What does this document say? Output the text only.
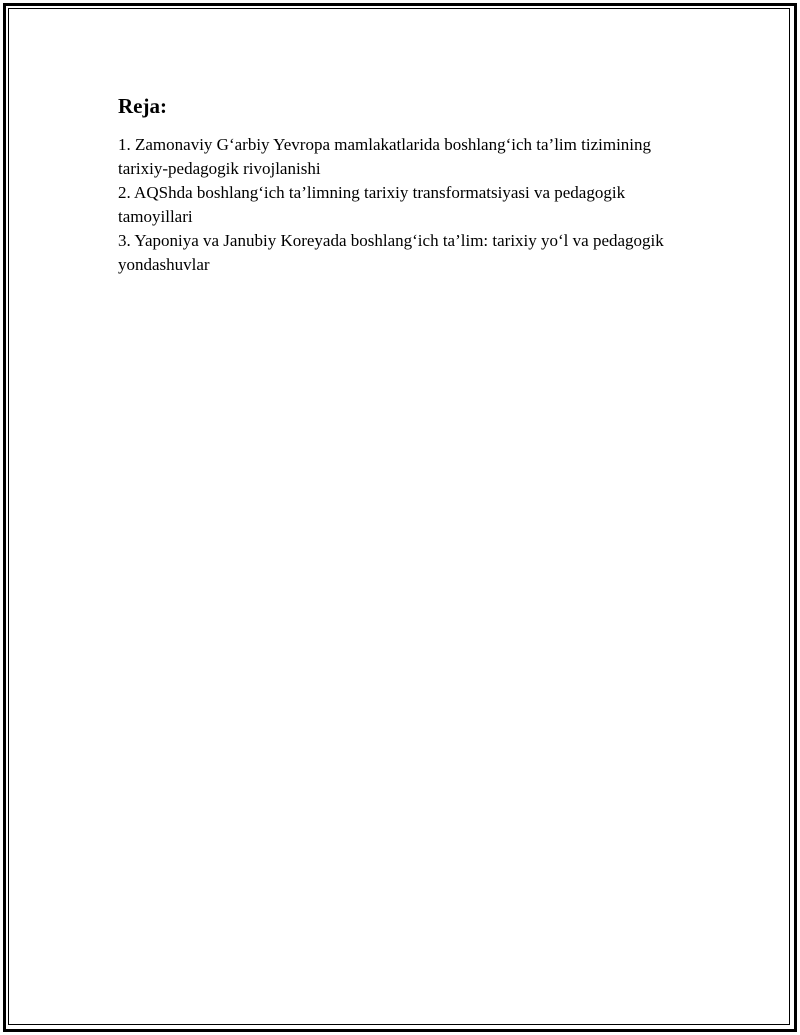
Reja:
1. Zamonaviy G‘arbiy Yevropa mamlakatlarida boshlang‘ich ta’lim tizimining tarixiy-pedagogik rivojlanishi
2. AQShda boshlang‘ich ta’limning tarixiy transformatsiyasi va pedagogik tamoyillari
3. Yaponiya va Janubiy Koreyada boshlang‘ich ta’lim: tarixiy yo‘l va pedagogik yondashuvlar
